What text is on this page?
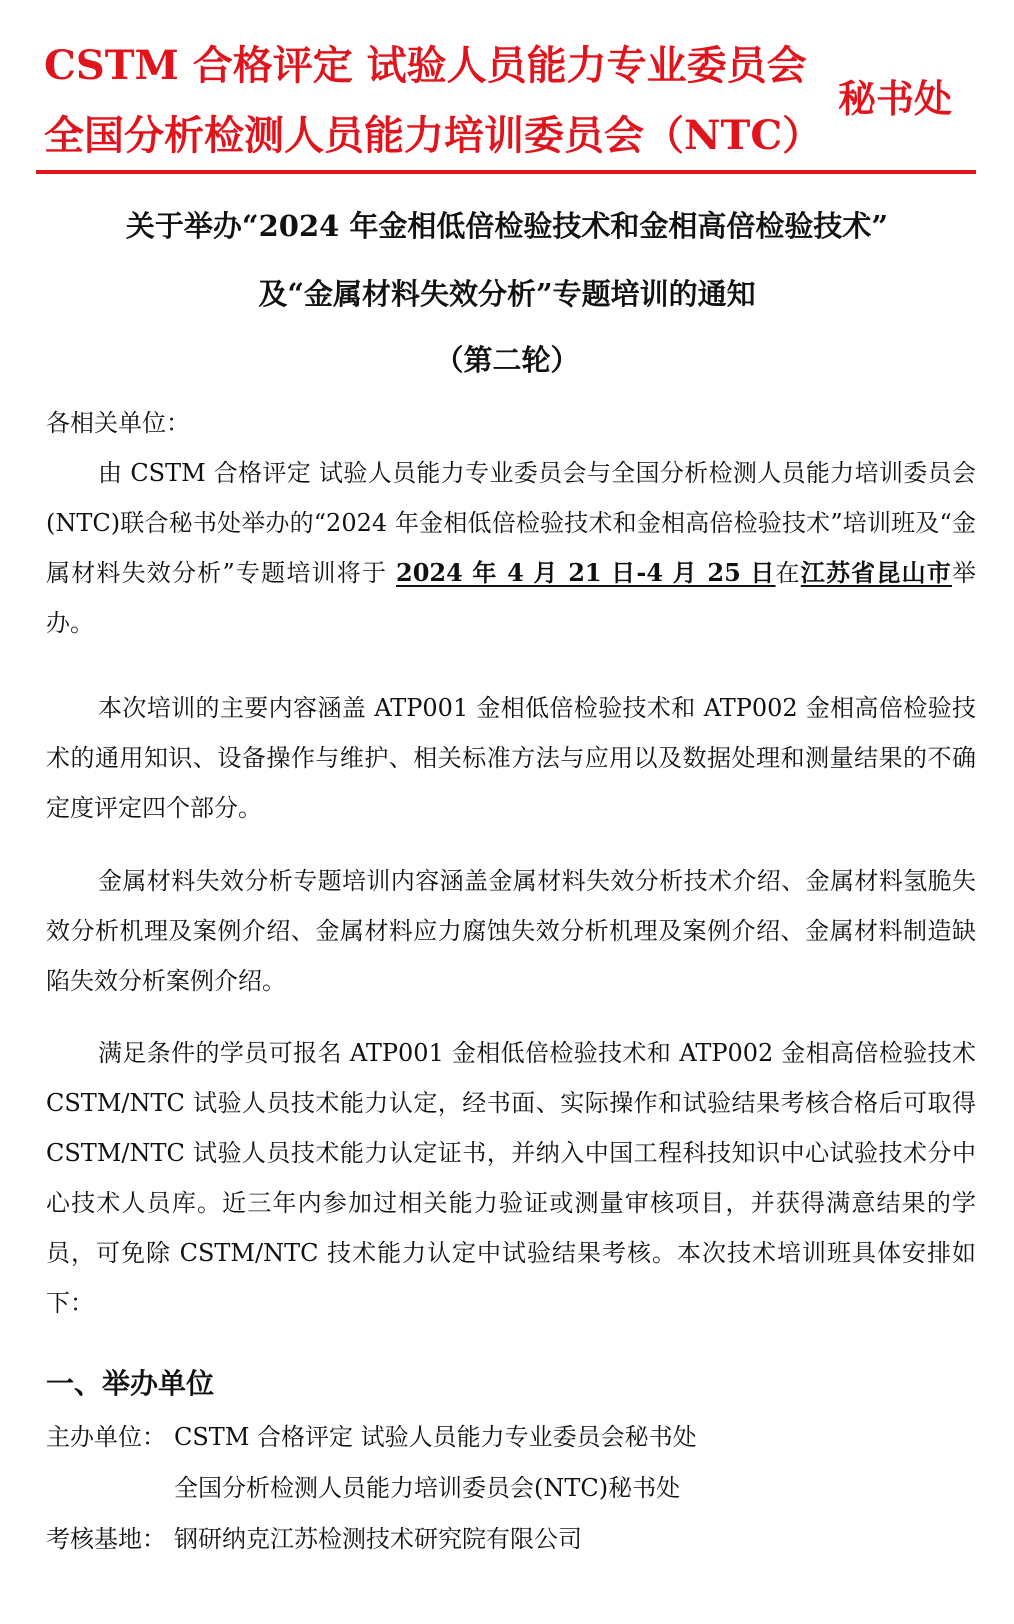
CSTM 合格评定 试验人员能力专业委员会
全国分析检测人员能力培训委员会（NTC）
秘书处
关于举办“2024 年金相低倍检验技术和金相高倍检验技术”
及“金属材料失效分析”专题培训的通知
（第二轮）
各相关单位：
由 CSTM 合格评定 试验人员能力专业委员会与全国分析检测人员能力培训委员会(NTC)联合秘书处举办的“2024 年金相低倍检验技术和金相高倍检验技术”培训班及“金属材料失效分析”专题培训将于 2024 年 4 月 21 日-4 月 25 日在江苏省昆山市举办。
本次培训的主要内容涵盖 ATP001 金相低倍检验技术和 ATP002 金相高倍检验技术的通用知识、设备操作与维护、相关标准方法与应用以及数据处理和测量结果的不确定度评定四个部分。
金属材料失效分析专题培训内容涵盖金属材料失效分析技术介绍、金属材料氢脆失效分析机理及案例介绍、金属材料应力腐蚀失效分析机理及案例介绍、金属材料制造缺陷失效分析案例介绍。
满足条件的学员可报名 ATP001 金相低倍检验技术和 ATP002 金相高倍检验技术 CSTM/NTC 试验人员技术能力认定，经书面、实际操作和试验结果考核合格后可取得 CSTM/NTC 试验人员技术能力认定证书，并纳入中国工程科技知识中心试验技术分中心技术人员库。近三年内参加过相关能力验证或测量审核项目，并获得满意结果的学员，可免除 CSTM/NTC 技术能力认定中试验结果考核。本次技术培训班具体安排如下：
一、举办单位
主办单位： CSTM 合格评定 试验人员能力专业委员会秘书处
全国分析检测人员能力培训委员会(NTC)秘书处
考核基地： 钢研纳克江苏检测技术研究院有限公司
